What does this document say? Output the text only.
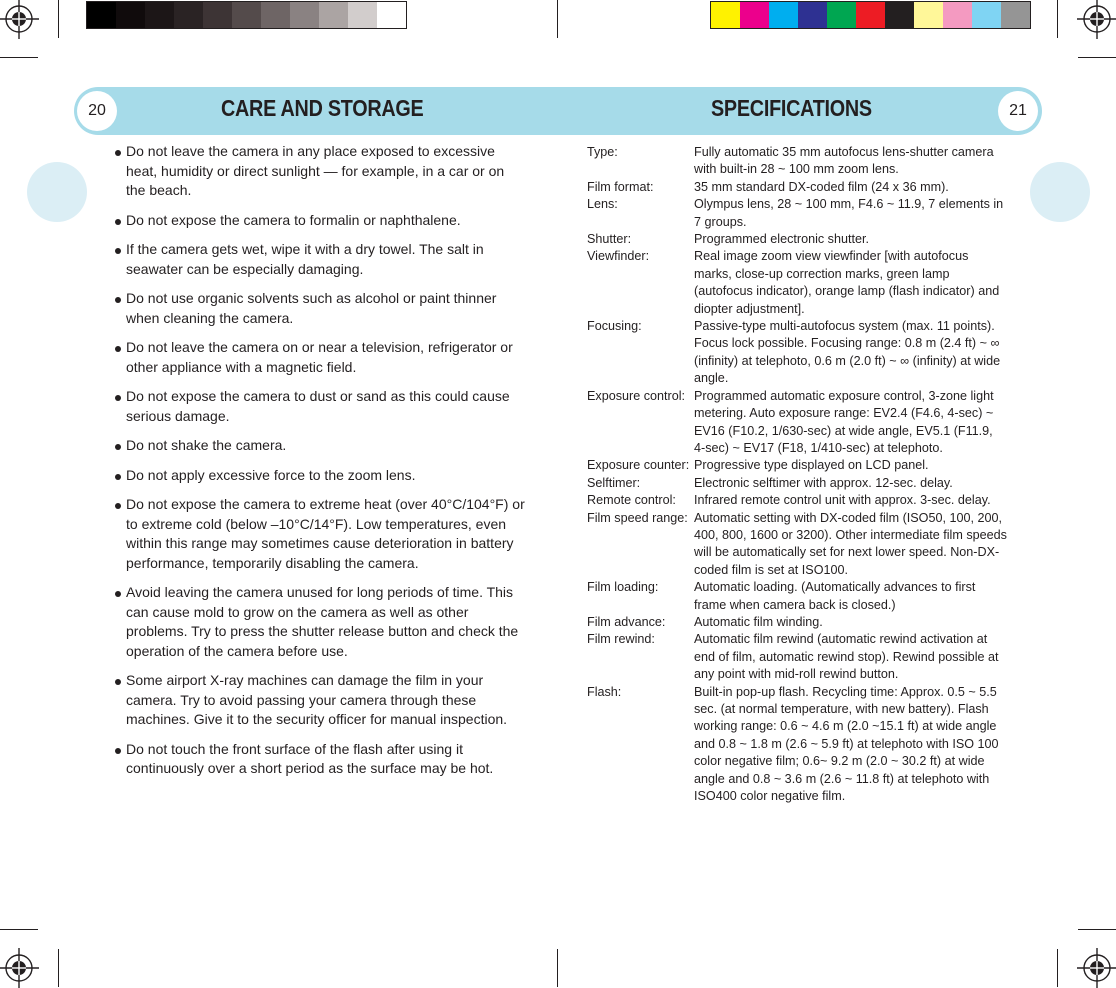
20	21
CARE AND STORAGE	SPECIFICATIONS
Do not leave the camera in any place exposed to excessive heat, humidity or direct sunlight — for example, in a car or on the beach.
Do not expose the camera to formalin or naphthalene.
If the camera gets wet, wipe it with a dry towel. The salt in seawater can be especially damaging.
Do not use organic solvents such as alcohol or paint thinner when cleaning the camera.
Do not leave the camera on or near a television, refrigerator or other appliance with a magnetic field.
Do not expose the camera to dust or sand as this could cause serious damage.
Do not shake the camera.
Do not apply excessive force to the zoom lens.
Do not expose the camera to extreme heat (over 40°C/104°F) or to extreme cold (below –10°C/14°F). Low temperatures, even within this range may sometimes cause deterioration in battery performance, temporarily disabling the camera.
Avoid leaving the camera unused for long periods of time. This can cause mold to grow on the camera as well as other problems. Try to press the shutter release button and check the operation of the camera before use.
Some airport X-ray machines can damage the film in your camera. Try to avoid passing your camera through these machines. Give it to the security officer for manual inspection.
Do not touch the front surface of the flash after using it continuously over a short period as the surface may be hot.
Type:	Fully automatic 35 mm autofocus lens-shutter camera with built-in 28 ~ 100 mm zoom lens.
Film format:	35 mm standard DX-coded film (24 x 36 mm).
Lens:	Olympus lens, 28 ~ 100 mm, F4.6 ~ 11.9, 7 elements in 7 groups.
Shutter:	Programmed electronic shutter.
Viewfinder:	Real image zoom view viewfinder [with autofocus marks, close-up correction marks, green lamp (autofocus indicator), orange lamp (flash indicator) and diopter adjustment].
Focusing:	Passive-type multi-autofocus system (max. 11 points). Focus lock possible. Focusing range: 0.8 m (2.4 ft) ~ ∞ (infinity) at telephoto, 0.6 m (2.0 ft) ~ ∞ (infinity) at wide angle.
Exposure control: Programmed automatic exposure control, 3-zone light metering. Auto exposure range: EV2.4 (F4.6, 4-sec) ~ EV16 (F10.2, 1/630-sec) at wide angle, EV5.1 (F11.9, 4-sec) ~ EV17 (F18, 1/410-sec) at telephoto.
Exposure counter: Progressive type displayed on LCD panel.
Selftimer:	Electronic selftimer with approx. 12-sec. delay.
Remote control:	Infrared remote control unit with approx. 3-sec. delay.
Film speed range: Automatic setting with DX-coded film (ISO50, 100, 200, 400, 800, 1600 or 3200). Other intermediate film speeds will be automatically set for next lower speed. Non-DX-coded film is set at ISO100.
Film loading:	Automatic loading. (Automatically advances to first frame when camera back is closed.)
Film advance:	Automatic film winding.
Film rewind:	Automatic film rewind (automatic rewind activation at end of film, automatic rewind stop). Rewind possible at any point with mid-roll rewind button.
Flash:	Built-in pop-up flash. Recycling time: Approx. 0.5 ~ 5.5 sec. (at normal temperature, with new battery). Flash working range: 0.6 ~ 4.6 m (2.0 ~15.1 ft) at wide angle and 0.8 ~ 1.8 m (2.6 ~ 5.9 ft) at telephoto with ISO 100 color negative film; 0.6~ 9.2 m (2.0 ~ 30.2 ft) at wide angle and 0.8 ~ 3.6 m (2.6 ~ 11.8 ft) at telephoto with ISO400 color negative film.
